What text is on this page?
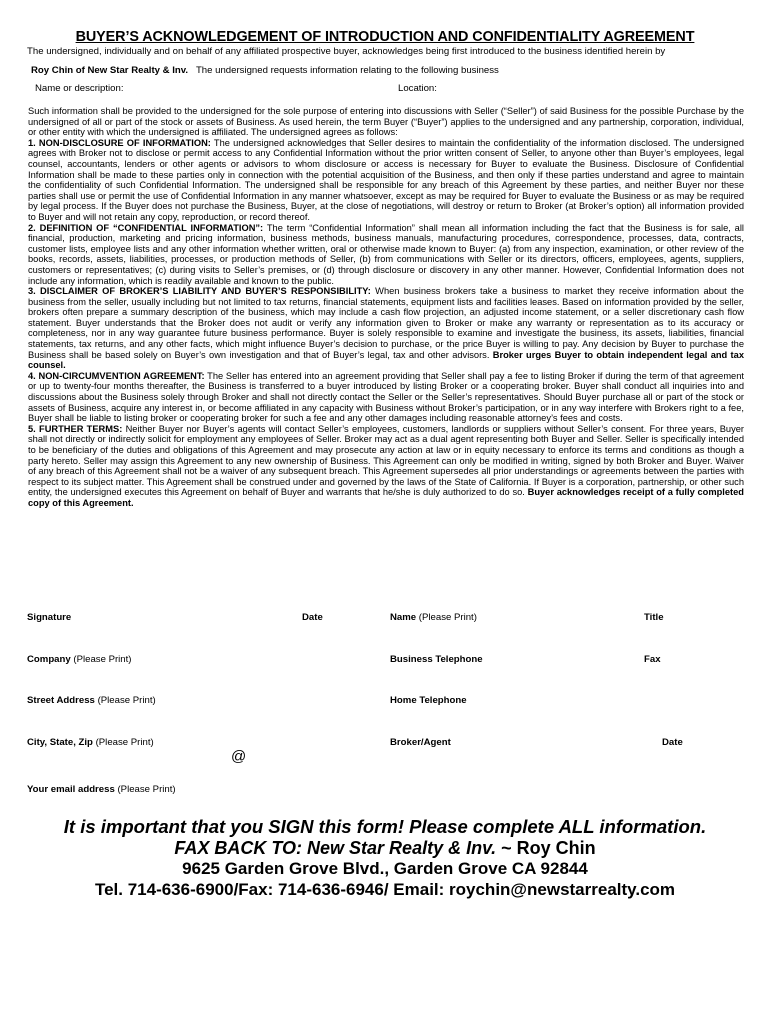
BUYER’S ACKNOWLEDGEMENT OF INTRODUCTION AND CONFIDENTIALITY AGREEMENT
The undersigned, individually and on behalf of any affiliated prospective buyer, acknowledges being first introduced to the business identified herein by
Roy Chin of New Star Realty & Inv. The undersigned requests information relating to the following business
Name or description:	Location:

Such information shall be provided to the undersigned for the sole purpose of entering into discussions with Seller (“Seller”) of said Business for the possible Purchase by the undersigned of all or part of the stock or assets of Business. As used herein, the term Buyer (“Buyer”) applies to the undersigned and any partnership, corporation, individual, or other entity with which the undersigned is affiliated. The undersigned agrees as follows:

1. NON-DISCLOSURE OF INFORMATION: The undersigned acknowledges that Seller desires to maintain the confidentiality of the information disclosed. The undersigned agrees with Broker not to disclose or permit access to any Confidential Information without the prior written consent of Seller, to anyone other than Buyer’s employees, legal counsel, accountants, lenders or other agents or advisors to whom disclosure or access is necessary for Buyer to evaluate the Business. Disclosure of Confidential Information shall be made to these parties only in connection with the potential acquisition of the Business, and then only if these parties understand and agree to maintain the confidentiality of such Confidential Information. The undersigned shall be responsible for any breach of this Agreement by these parties, and neither Buyer nor these parties shall use or permit the use of Confidential Information in any manner whatsoever, except as may be required for Buyer to evaluate the Business or as may be required by legal process. If the Buyer does not purchase the Business, Buyer, at the close of negotiations, will destroy or return to Broker (at Broker’s option) all information provided to Buyer and will not retain any copy, reproduction, or record thereof.

2. DEFINITION OF “CONFIDENTIAL INFORMATION”: The term “Confidential Information” shall mean all information including the fact that the Business is for sale, all financial, production, marketing and pricing information, business methods, business manuals, manufacturing procedures, correspondence, processes, data, contracts, customer lists, employee lists and any other information whether written, oral or otherwise made known to Buyer: (a) from any inspection, examination, or other review of the books, records, assets, liabilities, processes, or production methods of Seller, (b) from communications with Seller or its directors, officers, employees, agents, suppliers, customers or representatives; (c) during visits to Seller’s premises, or (d) through disclosure or discovery in any other manner. However, Confidential Information does not include any information, which is readily available and known to the public.

3. DISCLAIMER OF BROKER’S LIABILITY AND BUYER’S RESPONSIBILITY: When business brokers take a business to market they receive information about the business from the seller, usually including but not limited to tax returns, financial statements, equipment lists and facilities leases. Based on information provided by the seller, brokers often prepare a summary description of the business, which may include a cash flow projection, an adjusted income statement, or a seller discretionary cash flow statement. Buyer understands that the Broker does not audit or verify any information given to Broker or make any warranty or representation as to its accuracy or completeness, nor in any way guarantee future business performance. Buyer is solely responsible to examine and investigate the business, its assets, liabilities, financial statements, tax returns, and any other facts, which might influence Buyer’s decision to purchase, or the price Buyer is willing to pay. Any decision by Buyer to purchase the Business shall be based solely on Buyer’s own investigation and that of Buyer’s legal, tax and other advisors. Broker urges Buyer to obtain independent legal and tax counsel.

4. NON-CIRCUMVENTION AGREEMENT: The Seller has entered into an agreement providing that Seller shall pay a fee to listing Broker if during the term of that agreement or up to twenty-four months thereafter, the Business is transferred to a buyer introduced by listing Broker or a cooperating broker. Buyer shall conduct all inquiries into and discussions about the Business solely through Broker and shall not directly contact the Seller or the Seller’s representatives. Should Buyer purchase all or part of the stock or assets of Business, acquire any interest in, or become affiliated in any capacity with Business without Broker’s participation, or in any way interfere with Brokers right to a fee, Buyer shall be liable to listing broker or cooperating broker for such a fee and any other damages including reasonable attorney’s fees and costs.

5. FURTHER TERMS: Neither Buyer nor Buyer’s agents will contact Seller’s employees, customers, landlords or suppliers without Seller’s consent. For three years, Buyer shall not directly or indirectly solicit for employment any employees of Seller. Broker may act as a dual agent representing both Buyer and Seller. Seller is specifically intended to be beneficiary of the duties and obligations of this Agreement and may prosecute any action at law or in equity necessary to enforce its terms and conditions as though a party hereto. Seller may assign this Agreement to any new ownership of Business. This Agreement can only be modified in writing, signed by both Broker and Buyer. Waiver of any breach of this Agreement shall not be a waiver of any subsequent breach. This Agreement supersedes all prior understandings or agreements between the parties with respect to its subject matter. This Agreement shall be construed under and governed by the laws of the State of California. If Buyer is a corporation, partnership, or other such entity, the undersigned executes this Agreement on behalf of Buyer and warrants that he/she is duly authorized to do so. Buyer acknowledges receipt of a fully completed copy of this Agreement.

Signature	Date	Name (Please Print)	Title
Company (Please Print)	Business Telephone	Fax
Street Address (Please Print)	Home Telephone
City, State, Zip (Please Print)	Broker/Agent	Date
@
Your email address (Please Print)
It is important that you SIGN this form! Please complete ALL information.
FAX BACK TO: New Star Realty & Inv. ~ Roy Chin
9625 Garden Grove Blvd., Garden Grove CA 92844
Tel. 714-636-6900/Fax: 714-636-6946/ Email: roychin@newstarrealty.com
